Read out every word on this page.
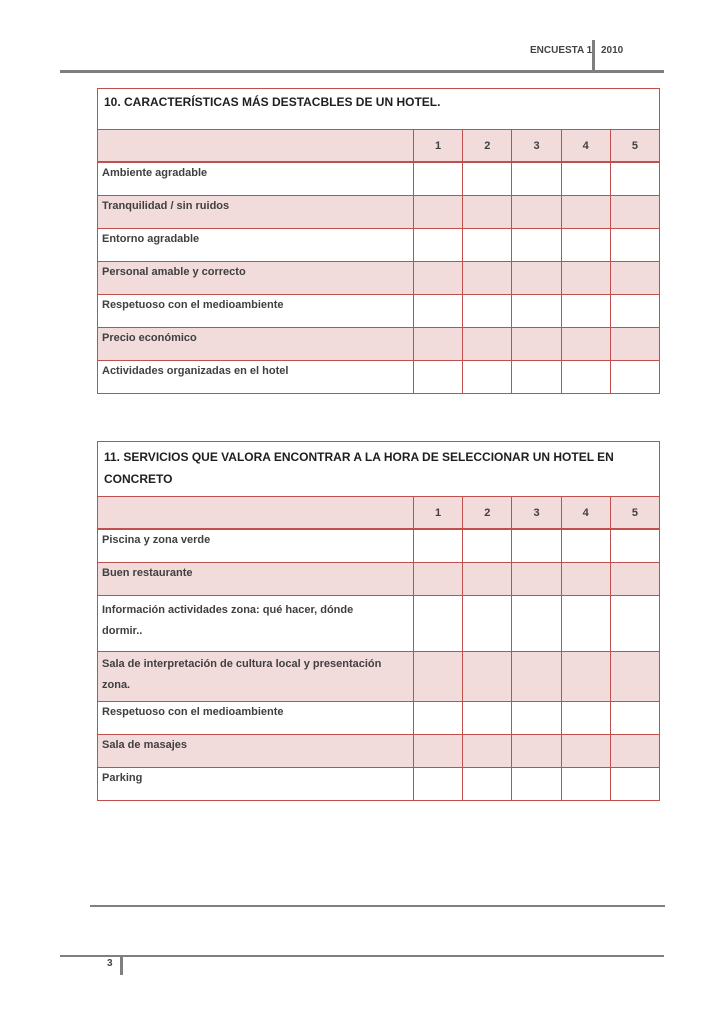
ENCUESTA 1 2010
10. CARACTERÍSTICAS MÁS DESTACBLES DE UN HOTEL.
1	2	3	4	5
Ambiente agradable
Tranquilidad / sin ruidos
Entorno agradable
Personal amable y correcto
Respetuoso con el medioambiente
Precio económico
Actividades organizadas en el hotel
11. SERVICIOS QUE VALORA ENCONTRAR A LA HORA DE SELECCIONAR UN HOTEL EN
CONCRETO
1	2	3	4	5
Piscina y zona verde
Buen restaurante
Información actividades zona: qué hacer, dónde
dormir..
Sala de interpretación de cultura local y presentación
zona.
Respetuoso con el medioambiente
Sala de masajes
Parking
3
